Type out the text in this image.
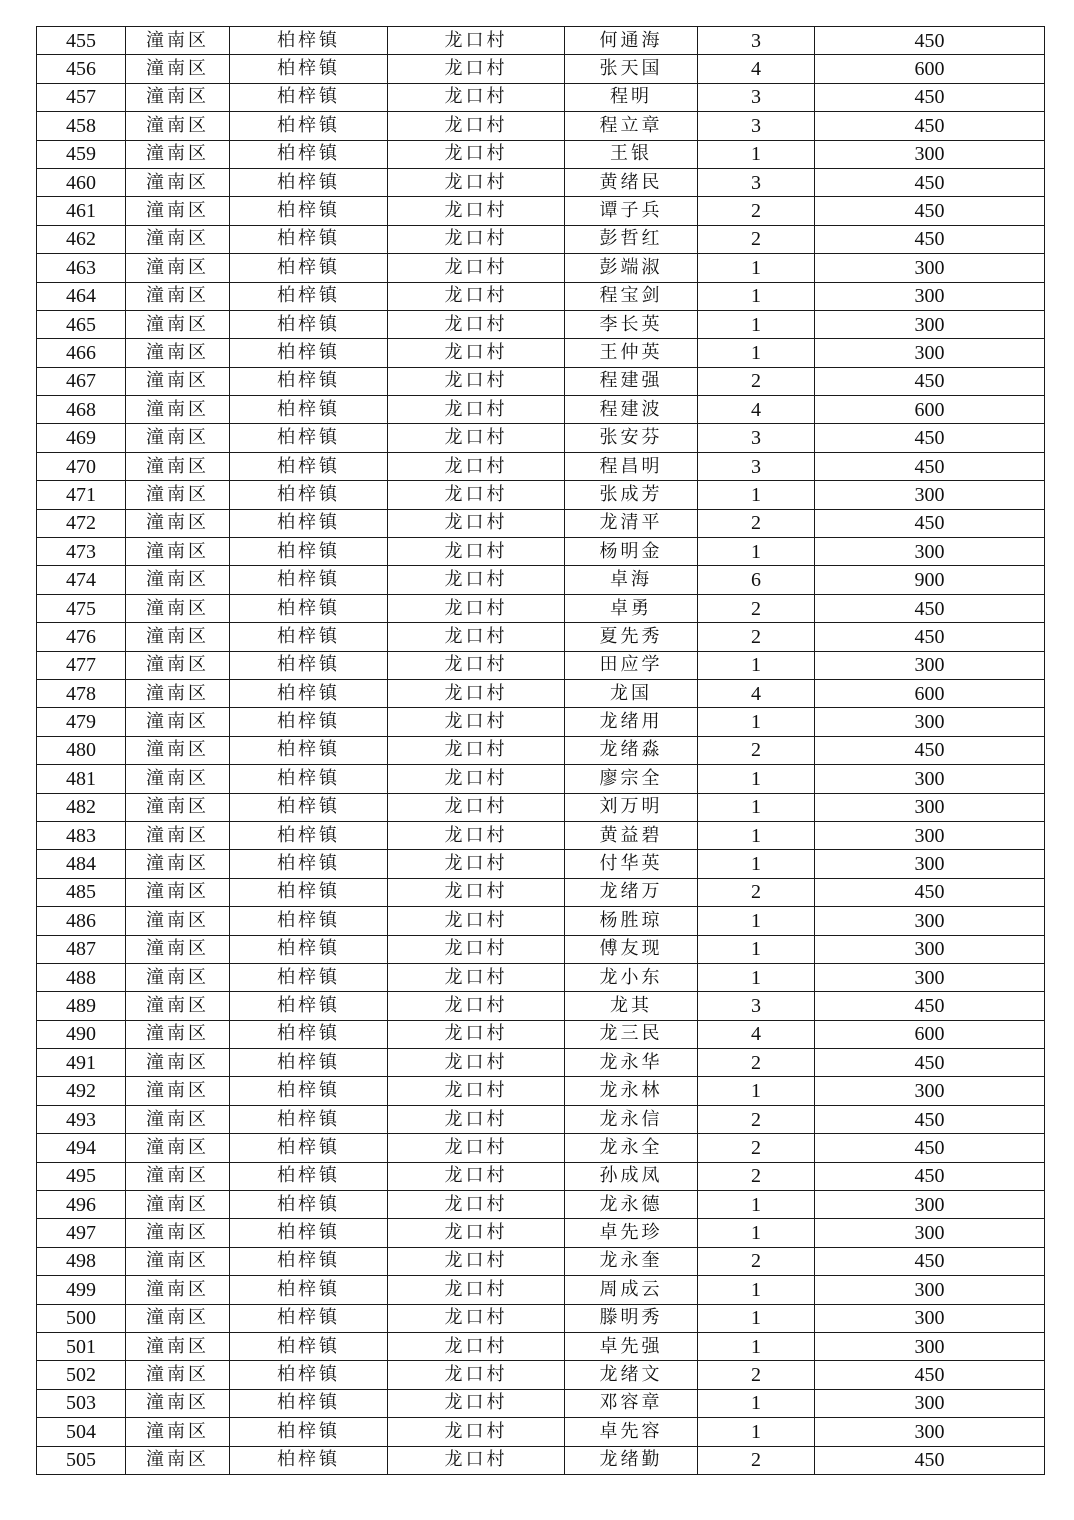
455	潼南区	柏梓镇	龙口村	何通海	3	450
456	潼南区	柏梓镇	龙口村	张天国	4	600
457	潼南区	柏梓镇	龙口村	程明	3	450
458	潼南区	柏梓镇	龙口村	程立章	3	450
459	潼南区	柏梓镇	龙口村	王银	1	300
460	潼南区	柏梓镇	龙口村	黄绪民	3	450
461	潼南区	柏梓镇	龙口村	谭子兵	2	450
462	潼南区	柏梓镇	龙口村	彭哲红	2	450
463	潼南区	柏梓镇	龙口村	彭端淑	1	300
464	潼南区	柏梓镇	龙口村	程宝剑	1	300
465	潼南区	柏梓镇	龙口村	李长英	1	300
466	潼南区	柏梓镇	龙口村	王仲英	1	300
467	潼南区	柏梓镇	龙口村	程建强	2	450
468	潼南区	柏梓镇	龙口村	程建波	4	600
469	潼南区	柏梓镇	龙口村	张安芬	3	450
470	潼南区	柏梓镇	龙口村	程昌明	3	450
471	潼南区	柏梓镇	龙口村	张成芳	1	300
472	潼南区	柏梓镇	龙口村	龙清平	2	450
473	潼南区	柏梓镇	龙口村	杨明金	1	300
474	潼南区	柏梓镇	龙口村	卓海	6	900
475	潼南区	柏梓镇	龙口村	卓勇	2	450
476	潼南区	柏梓镇	龙口村	夏先秀	2	450
477	潼南区	柏梓镇	龙口村	田应学	1	300
478	潼南区	柏梓镇	龙口村	龙国	4	600
479	潼南区	柏梓镇	龙口村	龙绪用	1	300
480	潼南区	柏梓镇	龙口村	龙绪淼	2	450
481	潼南区	柏梓镇	龙口村	廖宗全	1	300
482	潼南区	柏梓镇	龙口村	刘万明	1	300
483	潼南区	柏梓镇	龙口村	黄益碧	1	300
484	潼南区	柏梓镇	龙口村	付华英	1	300
485	潼南区	柏梓镇	龙口村	龙绪万	2	450
486	潼南区	柏梓镇	龙口村	杨胜琼	1	300
487	潼南区	柏梓镇	龙口村	傅友现	1	300
488	潼南区	柏梓镇	龙口村	龙小东	1	300
489	潼南区	柏梓镇	龙口村	龙其	3	450
490	潼南区	柏梓镇	龙口村	龙三民	4	600
491	潼南区	柏梓镇	龙口村	龙永华	2	450
492	潼南区	柏梓镇	龙口村	龙永林	1	300
493	潼南区	柏梓镇	龙口村	龙永信	2	450
494	潼南区	柏梓镇	龙口村	龙永全	2	450
495	潼南区	柏梓镇	龙口村	孙成凤	2	450
496	潼南区	柏梓镇	龙口村	龙永德	1	300
497	潼南区	柏梓镇	龙口村	卓先珍	1	300
498	潼南区	柏梓镇	龙口村	龙永奎	2	450
499	潼南区	柏梓镇	龙口村	周成云	1	300
500	潼南区	柏梓镇	龙口村	滕明秀	1	300
501	潼南区	柏梓镇	龙口村	卓先强	1	300
502	潼南区	柏梓镇	龙口村	龙绪文	2	450
503	潼南区	柏梓镇	龙口村	邓容章	1	300
504	潼南区	柏梓镇	龙口村	卓先容	1	300
505	潼南区	柏梓镇	龙口村	龙绪勤	2	450
